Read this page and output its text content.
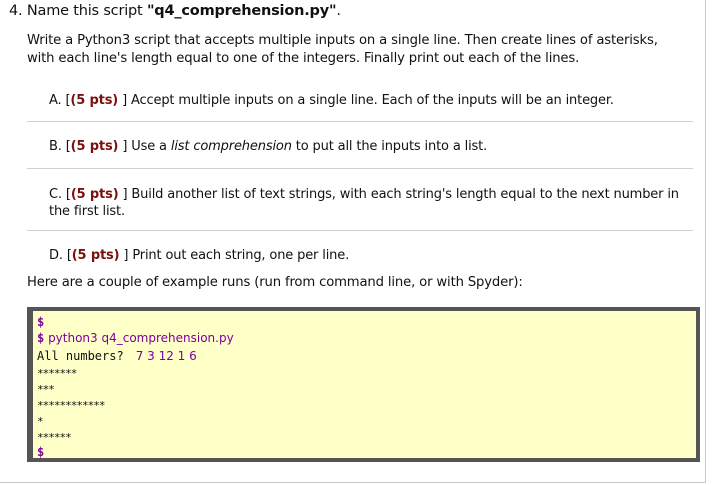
4. Name this script "q4_comprehension.py".
Write a Python3 script that accepts multiple inputs on a single line. Then create lines of asterisks, with each line's length equal to one of the integers. Finally print out each of the lines.
A. [(5 pts) ] Accept multiple inputs on a single line. Each of the inputs will be an integer.
B. [(5 pts) ] Use a list comprehension to put all the inputs into a list.
C. [(5 pts) ] Build another list of text strings, with each string's length equal to the next number in the first list.
D. [(5 pts) ] Print out each string, one per line.
Here are a couple of example runs (run from command line, or with Spyder):
$
$ python3 q4_comprehension.py
All numbers? 7 3 12 1 6
*******
***
************
*
******
$
